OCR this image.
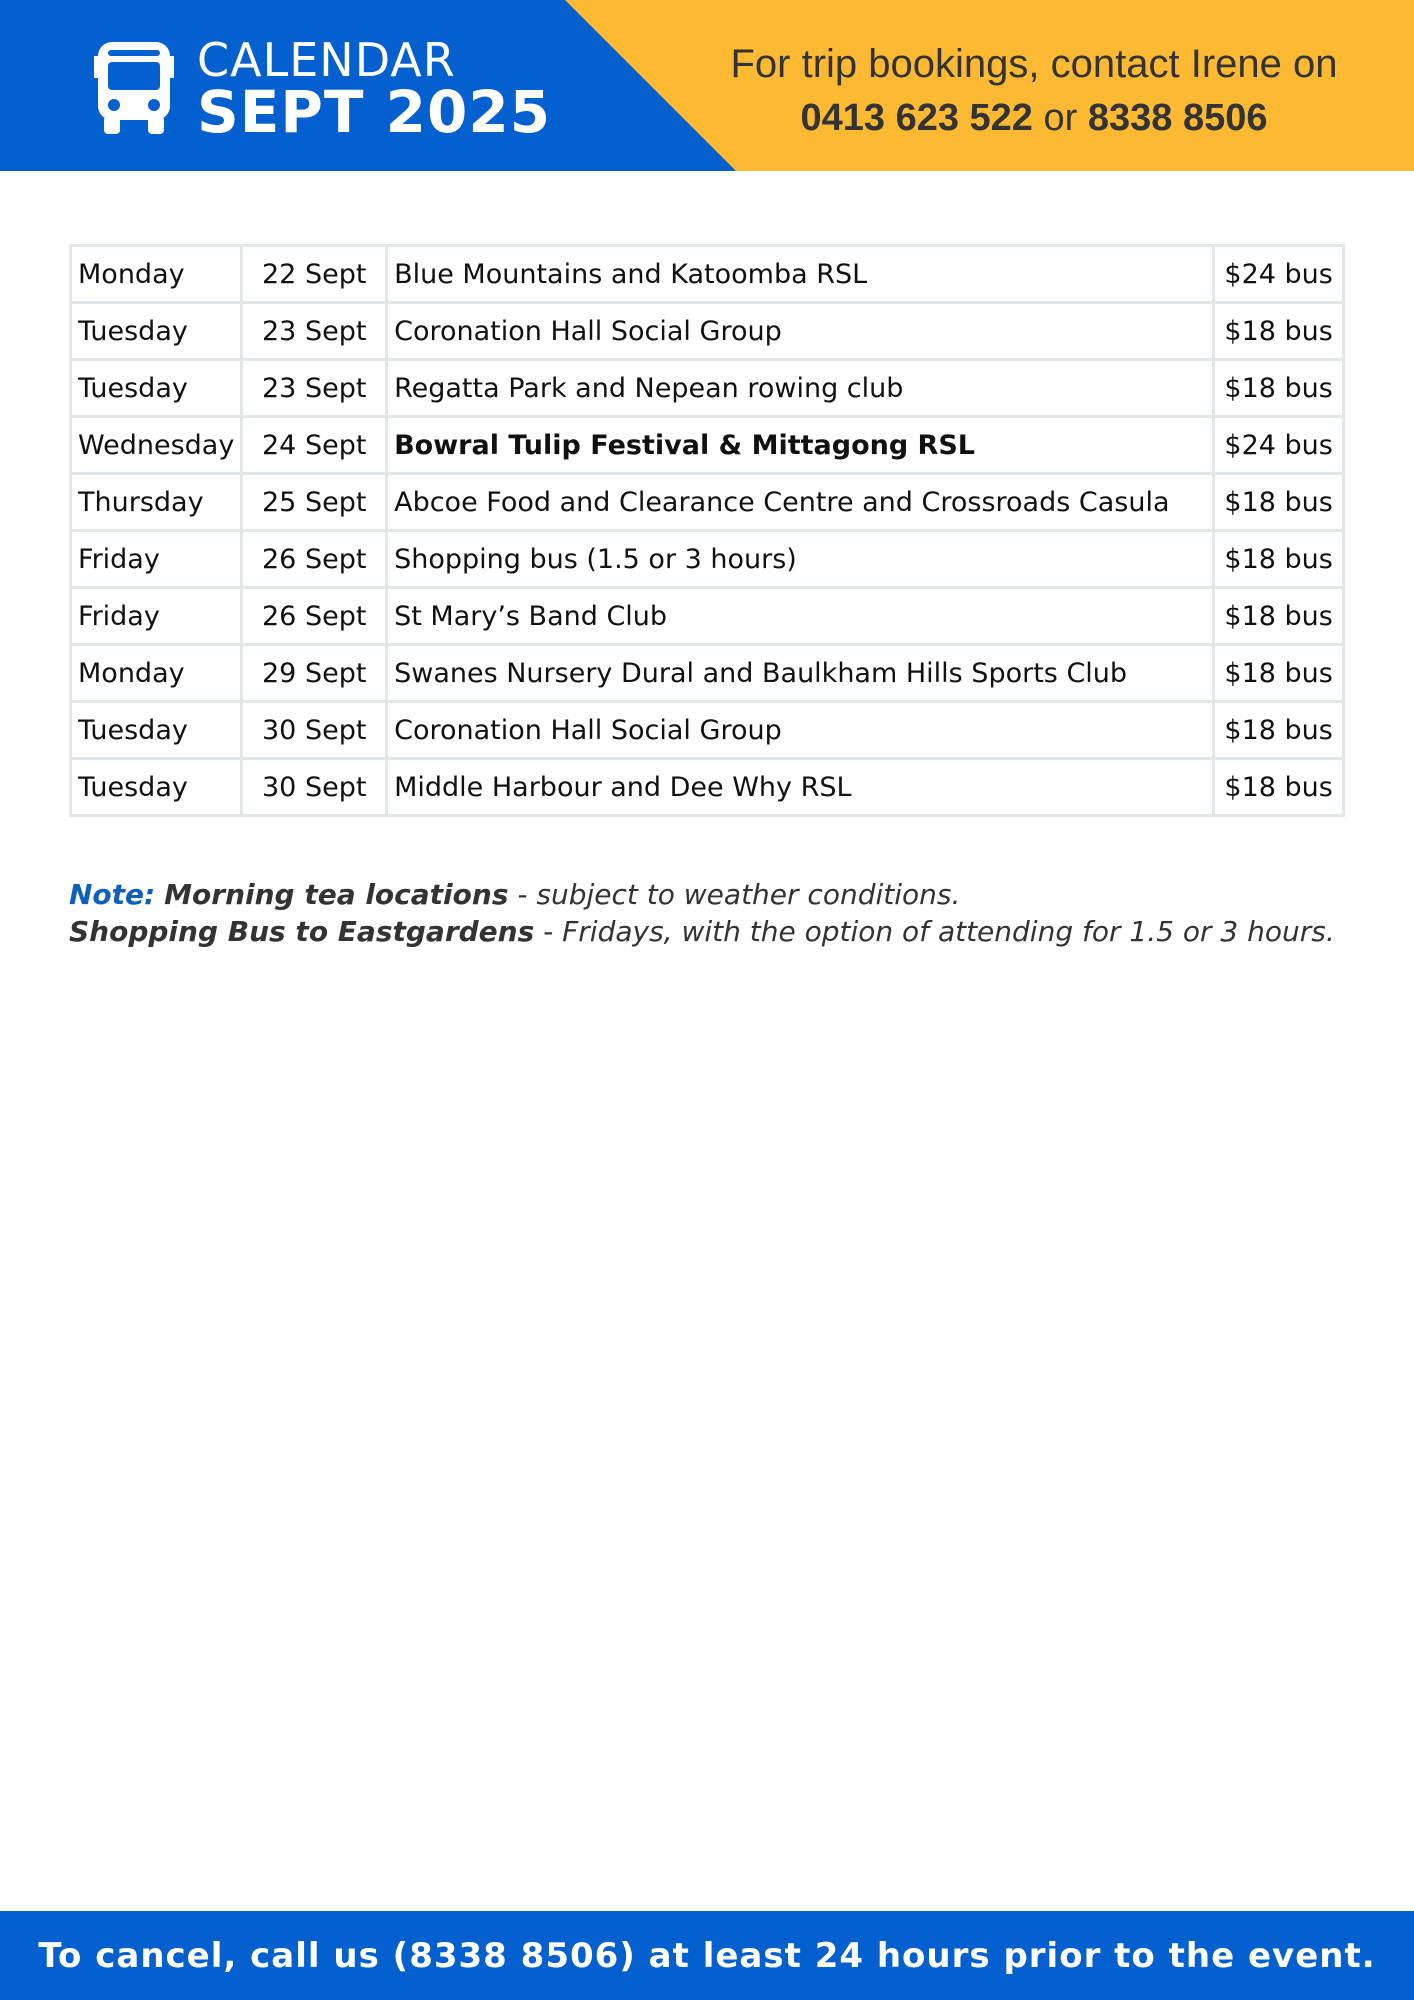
CALENDAR
SEPT 2025
For trip bookings, contact Irene on
0413 623 522 or 8338 8506
Monday	22 Sept	Blue Mountains and Katoomba RSL	$24 bus
Tuesday	23 Sept	Coronation Hall Social Group	$18 bus
Tuesday	23 Sept	Regatta Park and Nepean rowing club	$18 bus
Wednesday	24 Sept	Bowral Tulip Festival & Mittagong RSL	$24 bus
Thursday	25 Sept	Abcoe Food and Clearance Centre and Crossroads Casula	$18 bus
Friday	26 Sept	Shopping bus (1.5 or 3 hours)	$18 bus
Friday	26 Sept	St Mary’s Band Club	$18 bus
Monday	29 Sept	Swanes Nursery Dural and Baulkham Hills Sports Club	$18 bus
Tuesday	30 Sept	Coronation Hall Social Group	$18 bus
Tuesday	30 Sept	Middle Harbour and Dee Why RSL	$18 bus
Note: Morning tea locations - subject to weather conditions.
Shopping Bus to Eastgardens - Fridays, with the option of attending for 1.5 or 3 hours.
To cancel, call us (8338 8506) at least 24 hours prior to the event.
